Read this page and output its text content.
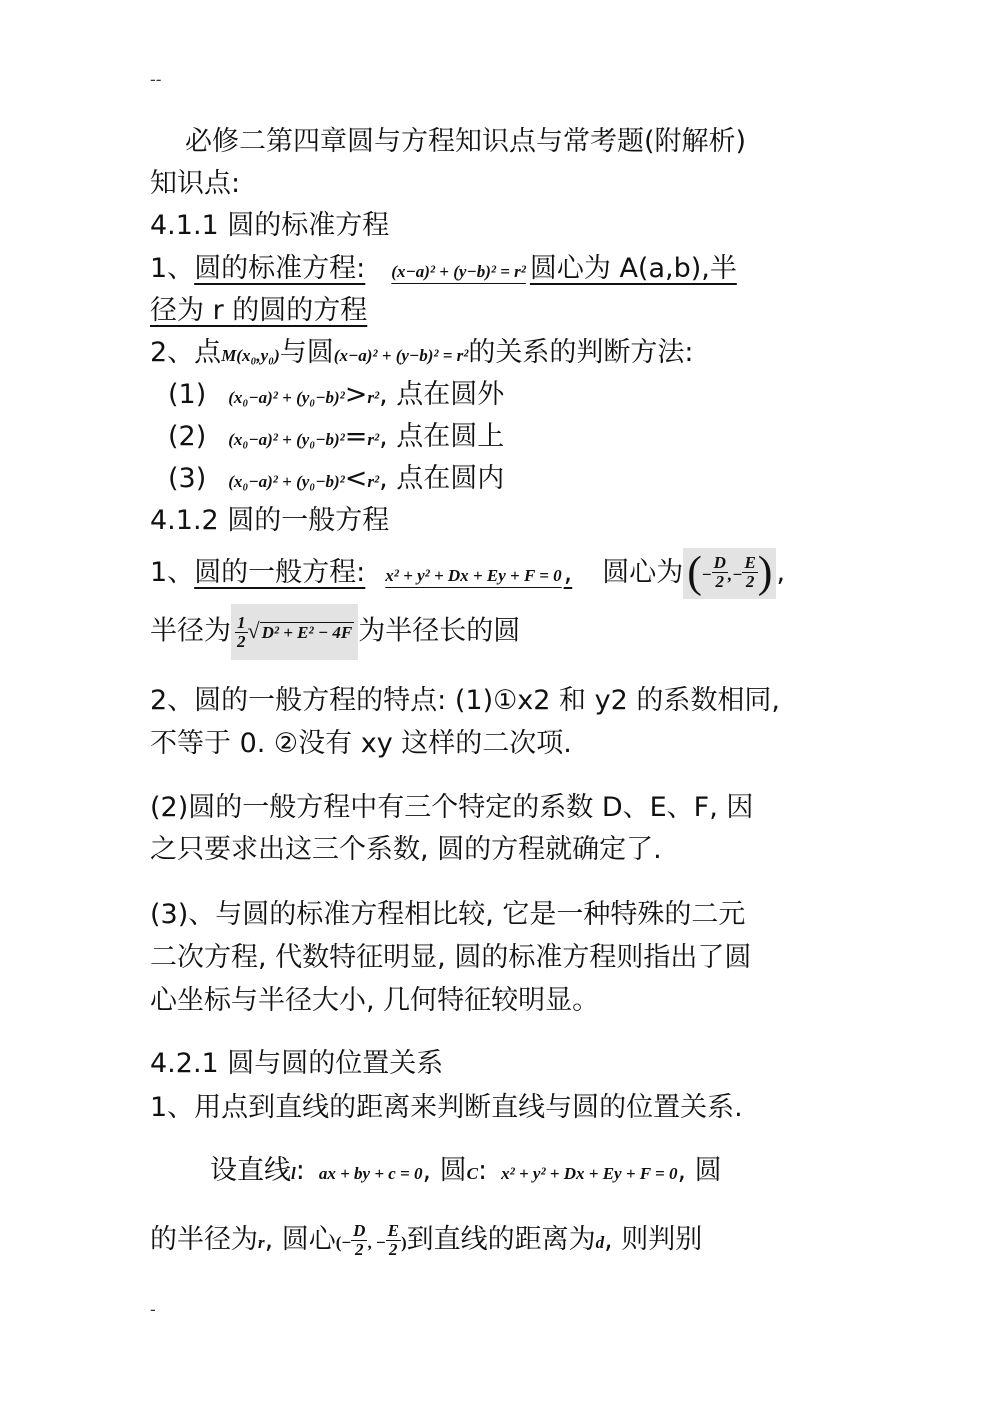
--
必修二第四章圆与方程知识点与常考题(附解析)
知识点:
4.1.1 圆的标准方程
1、圆的标准方程: (x−a)² + (y−b)² = r² 圆心为 A(a,b),半
径为 r 的圆的方程
2、点M(x₀,y₀)与圆(x−a)² + (y−b)² = r²的关系的判断方法:
(1) (x₀−a)² + (y₀−b)²>r², 点在圆外
(2) (x₀−a)² + (y₀−b)²=r², 点在圆上
(3) (x₀−a)² + (y₀−b)²<r², 点在圆内
4.1.2 圆的一般方程
1、圆的一般方程: x² + y² + Dx + Ey + F = 0, 圆心为(− $\frac{D}{2}$ ,− $\frac{E}{2}$ ) ,
半径为 $\frac{1}{2}$ √ D² + E² − 4F 为半径长的圆
2、圆的一般方程的特点: (1)①x2 和 y2 的系数相同,
不等于 0. ②没有 xy 这样的二次项.
(2)圆的一般方程中有三个特定的系数 D、E、F, 因
之只要求出这三个系数, 圆的方程就确定了.
(3)、与圆的标准方程相比较, 它是一种特殊的二元
二次方程, 代数特征明显, 圆的标准方程则指出了圆
心坐标与半径大小, 几何特征较明显。
4.2.1 圆与圆的位置关系
1、用点到直线的距离来判断直线与圆的位置关系.
设直线l: ax + by + c = 0, 圆C: x² + y² + Dx + Ey + F = 0, 圆
的半径为r, 圆心(− $\frac{D}{2}$ , − $\frac{E}{2}$ )到直线的距离为d, 则判别
-
